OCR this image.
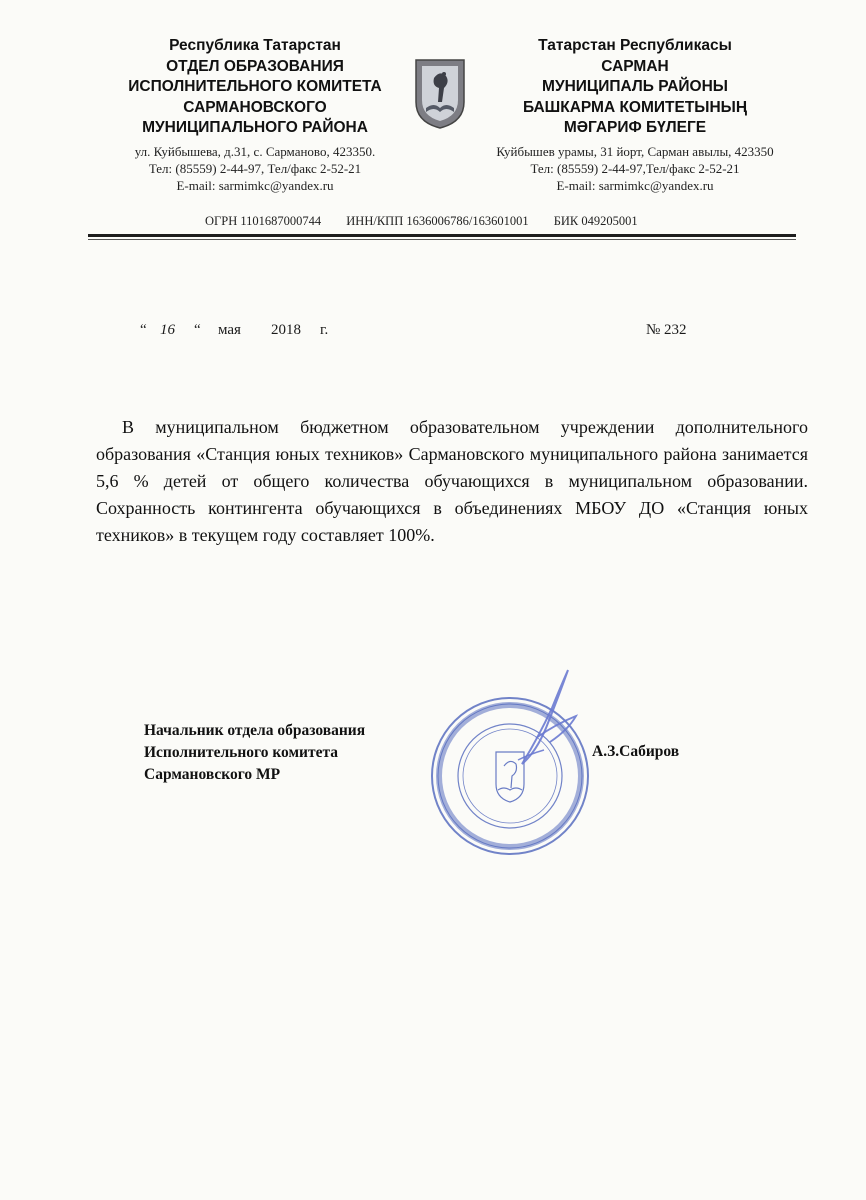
Республика Татарстан
ОТДЕЛ ОБРАЗОВАНИЯ
ИСПОЛНИТЕЛЬНОГО КОМИТЕТА
САРМАНОВСКОГО
МУНИЦИПАЛЬНОГО РАЙОНА
ул. Куйбышева, д.31, с. Сарманово, 423350.
Тел: (85559) 2-44-97, Тел/факс 2-52-21
E-mail: sarmimkc@yandex.ru
Татарстан Республикасы
САРМАН
МУНИЦИПАЛЬ РАЙОНЫ
БАШКАРМА КОМИТЕТЫНЫҢ
МӘГАРИФ БҮЛЕГЕ
Куйбышев урамы, 31 йорт, Сарман авылы, 423350
Тел: (85559) 2-44-97,Тел/факс 2-52-21
E-mail: sarmimkc@yandex.ru
ОГРН 1101687000744 ИНН/КПП 1636006786/163601001 БИК 049205001
“ 16 “ мая 2018 г.	№ 232

В муниципальном бюджетном образовательном учреждении дополнительного образования «Станция юных техников» Сармановского муниципального района занимается 5,6 % детей от общего количества обучающихся в муниципальном образовании. Сохранность контингента обучающихся в объединениях МБОУ ДО «Станция юных техников» в текущем году составляет 100%.

Начальник отдела образования
Исполнительного комитета
Сармановского МР
А.З.Сабиров
